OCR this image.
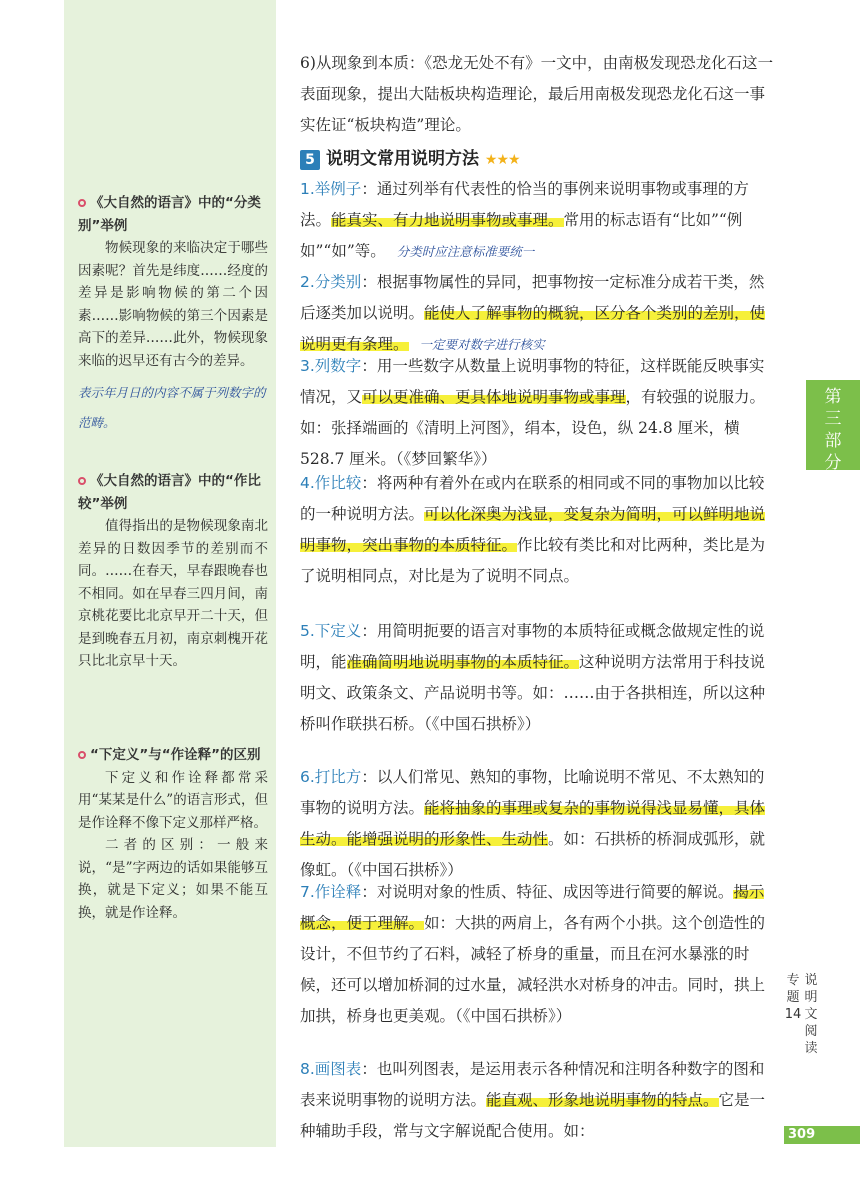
《大自然的语言》中的“分类别”举例

物候现象的来临决定于哪些因素呢？首先是纬度……经度的差异是影响物候的第二个因素……影响物候的第三个因素是高下的差异……此外，物候现象来临的迟早还有古今的差异。

表示年月日的内容不属于列数字的范畴。
《大自然的语言》中的“作比较”举例

值得指出的是物候现象南北差异的日数因季节的差别而不同。……在春天，早春跟晚春也不相同。如在早春三四月间，南京桃花要比北京早开二十天，但是到晚春五月初，南京刺槐开花只比北京早十天。

“下定义”与“作诠释”的区别

下定义和作诠释都常采用“某某是什么”的语言形式，但是作诠释不像下定义那样严格。

二者的区别：一般来说，“是”字两边的话如果能够互换，就是下定义；如果不能互换，就是作诠释。

6)从现象到本质：《恐龙无处不有》一文中，由南极发现恐龙化石这一表面现象，提出大陆板块构造理论，最后用南极发现恐龙化石这一事实佐证“板块构造”理论。
5 说明文常用说明方法 ★★★
1.举例子：通过列举有代表性的恰当的事例来说明事物或事理的方法。能真实、有力地说明事物或事理。常用的标志语有“比如”“例如”“如”等。 分类时应注意标准要统一
2.分类别：根据事物属性的异同，把事物按一定标准分成若干类，然后逐类加以说明。能使人了解事物的概貌，区分各个类别的差别，使说明更有条理。 一定要对数字进行核实
3.列数字：用一些数字从数量上说明事物的特征，这样既能反映事实情况，又可以更准确、更具体地说明事物或事理，有较强的说服力。如：张择端画的《清明上河图》，绢本，设色，纵 24.8 厘米，横 528.7 厘米。（《梦回繁华》）
4.作比较：将两种有着外在或内在联系的相同或不同的事物加以比较的一种说明方法。可以化深奥为浅显，变复杂为简明，可以鲜明地说明事物，突出事物的本质特征。作比较有类比和对比两种，类比是为了说明相同点，对比是为了说明不同点。
5.下定义：用简明扼要的语言对事物的本质特征或概念做规定性的说明，能准确简明地说明事物的本质特征。这种说明方法常用于科技说明文、政策条文、产品说明书等。如：……由于各拱相连，所以这种桥叫作联拱石桥。（《中国石拱桥》）
6.打比方：以人们常见、熟知的事物，比喻说明不常见、不太熟知的事物的说明方法。能将抽象的事理或复杂的事物说得浅显易懂，具体生动。能增强说明的形象性、生动性。如：石拱桥的桥洞成弧形，就像虹。（《中国石拱桥》）
7.作诠释：对说明对象的性质、特征、成因等进行简要的解说。揭示概念，便于理解。如：大拱的两肩上，各有两个小拱。这个创造性的设计，不但节约了石料，减轻了桥身的重量，而且在河水暴涨的时候，还可以增加桥洞的过水量，减轻洪水对桥身的冲击。同时，拱上加拱，桥身也更美观。（《中国石拱桥》）
8.画图表：也叫列图表，是运用表示各种情况和注明各种数字的图和表来说明事物的说明方法。能直观、形象地说明事物的特点。它是一种辅助手段，常与文字解说配合使用。如：
第
三
部
分
专
题
14
说
明
文
阅
读
309
